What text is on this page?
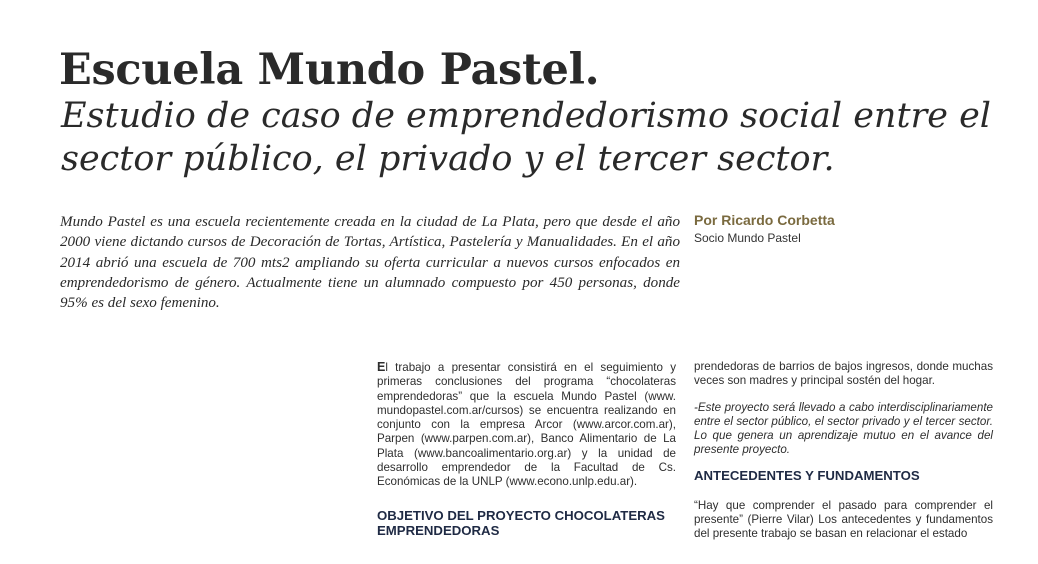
Escuela Mundo Pastel.
Estudio de caso de emprendedorismo social entre el sector público, el privado y el tercer sector.

Mundo Pastel es una escuela recientemente creada en la ciudad de La Plata, pero que desde el año 2000 viene dictando cursos de Decoración de Tortas, Artística, Pastelería y Manualidades. En el año 2014 abrió una escuela de 700 mts2 ampliando su oferta curricular a nuevos cursos enfocados en emprendedorismo de género. Actualmente tiene un alumnado compuesto por 450 personas, donde 95% es del sexo femenino.

Por Ricardo Corbetta
Socio Mundo Pastel

El trabajo a presentar consistirá en el seguimiento y primeras conclusiones del programa “chocolateras emprendedoras” que la escuela Mundo Pastel (www. mundopastel.com.ar/cursos) se encuentra realizando en conjunto con la empresa Arcor (www.arcor.com.ar), Parpen (www.parpen.com.ar), Banco Alimentario de La Plata (www.bancoalimentario.org.ar) y la unidad de desarrollo emprendedor de la Facultad de Cs. Económicas de la UNLP (www.econo.unlp.edu.ar).

OBJETIVO DEL PROYECTO CHOCOLATERAS EMPRENDEDORAS

prendedoras de barrios de bajos ingresos, donde muchas veces son madres y principal sostén del hogar.

-Este proyecto será llevado a cabo interdisciplinariamente entre el sector público, el sector privado y el tercer sector. Lo que genera un aprendizaje mutuo en el avance del presente proyecto.

ANTECEDENTES Y FUNDAMENTOS

“Hay que comprender el pasado para comprender el presente” (Pierre Vilar) Los antecedentes y fundamentos del presente trabajo se basan en relacionar el estado
